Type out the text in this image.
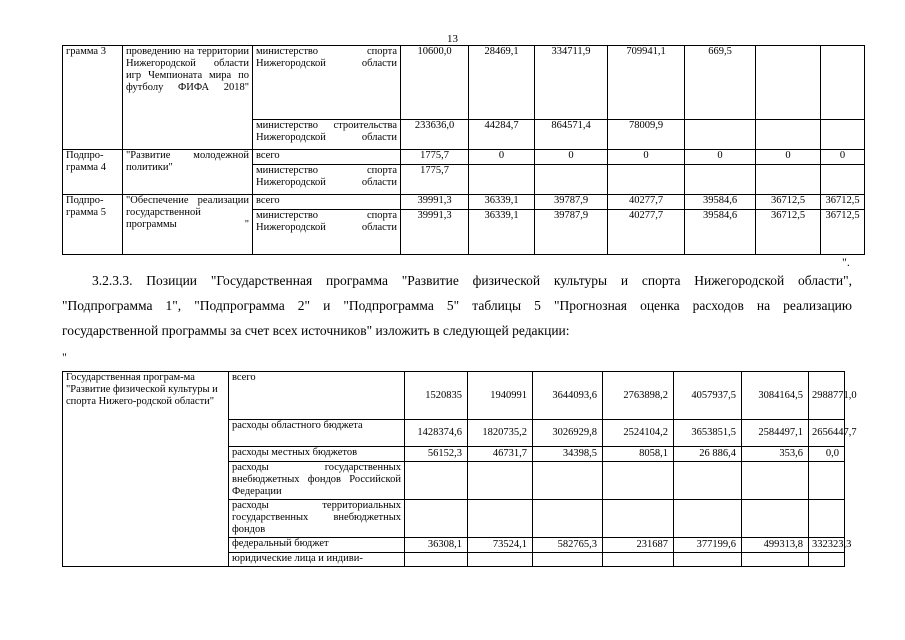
13
грамма 3	проведению на территории Нижегородской области игр Чемпионата мира по футболу ФИФА 2018"	министерство спорта Нижегородской области	10600,0	28469,1	334711,9	709941,1	669,5		
		министерство строительства Нижегородской области	233636,0	44284,7	864571,4	78009,9			
Подпро-грамма 4	"Развитие молодежной политики"	всего	1775,7	0	0	0	0	0	0
		министерство спорта Нижегородской области	1775,7						
Подпро-грамма 5	"Обеспечение реализации государственной программы "	всего	39991,3	36339,1	39787,9	40277,7	39584,6	36712,5	36712,5
		министерство спорта Нижегородской области	39991,3	36339,1	39787,9	40277,7	39584,6	36712,5	36712,5
".
3.2.3.3. Позиции "Государственная программа "Развитие физической культуры и спорта Нижегородской области",
"Подпрограмма 1", "Подпрограмма 2" и "Подпрограмма 5" таблицы 5 "Прогнозная оценка расходов на реализацию
государственной программы за счет всех источников" изложить в следующей редакции:
"
Государственная програм-ма "Развитие физической культуры и спорта Нижего-родской области"	всего	1520835	1940991	3644093,6	2763898,2	4057937,5	3084164,5	2988771,0
	расходы областного бюджета	1428374,6	1820735,2	3026929,8	2524104,2	3653851,5	2584497,1	2656447,7
	расходы местных бюджетов	56152,3	46731,7	34398,5	8058,1	26 886,4	353,6	0,0
	расходы государственных внебюджетных фондов Российской Федерации							
	расходы территориальных государственных внебюджетных фондов							
	федеральный бюджет	36308,1	73524,1	582765,3	231687	377199,6	499313,8	332323,3
	юридические лица и индиви-							
